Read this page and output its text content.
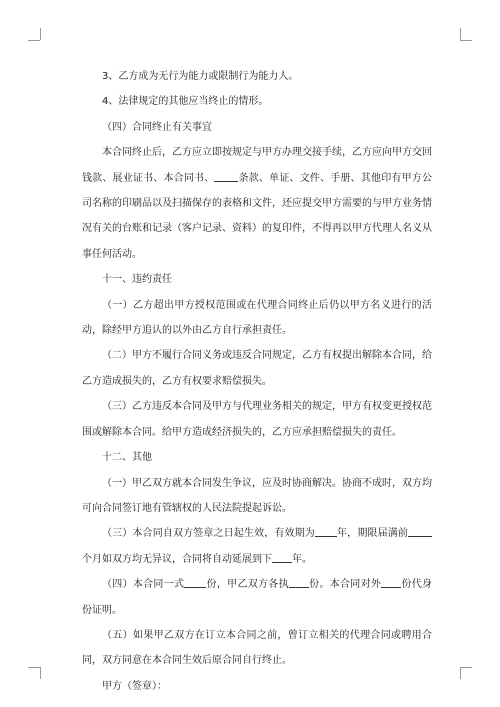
3、乙方成为无行为能力或限制行为能力人。

4、法律规定的其他应当终止的情形。

（四）合同终止有关事宜

本合同终止后，乙方应立即按规定与甲方办理交接手续，乙方应向甲方交回钱款、展业证书、本合同书、 条款、单证、文件、手册、其他印有甲方公司名称的印刷品以及扫描保存的表格和文件，还应提交甲方需要的与甲方业务情况有关的台账和记录（客户记录、资料）的复印件，不得再以甲方代理人名义从事任何活动。

十一、违约责任

（一）乙方超出甲方授权范围或在代理合同终止后仍以甲方名义进行的活动，除经甲方追认的以外由乙方自行承担责任。

（二）甲方不履行合同义务或违反合同规定，乙方有权提出解除本合同，给乙方造成损失的，乙方有权要求赔偿损失。

（三）乙方违反本合同及甲方与代理业务相关的规定，甲方有权变更授权范围或解除本合同。给甲方造成经济损失的，乙方应承担赔偿损失的责任。

十二、其他

（一）甲乙双方就本合同发生争议，应及时协商解决。协商不成时，双方均可向合同签订地有管辖权的人民法院提起诉讼。

（三）本合同自双方签章之日起生效，有效期为 年，期限届满前个月如双方均无异议，合同将自动延展到下 年。

（四）本合同一式 份，甲乙双方各执 份。本合同对外 份代身份证明。

（五）如果甲乙双方在订立本合同之前，曾订立相关的代理合同或聘用合同，双方同意在本合同生效后原合同自行终止。

甲方（签章）：
